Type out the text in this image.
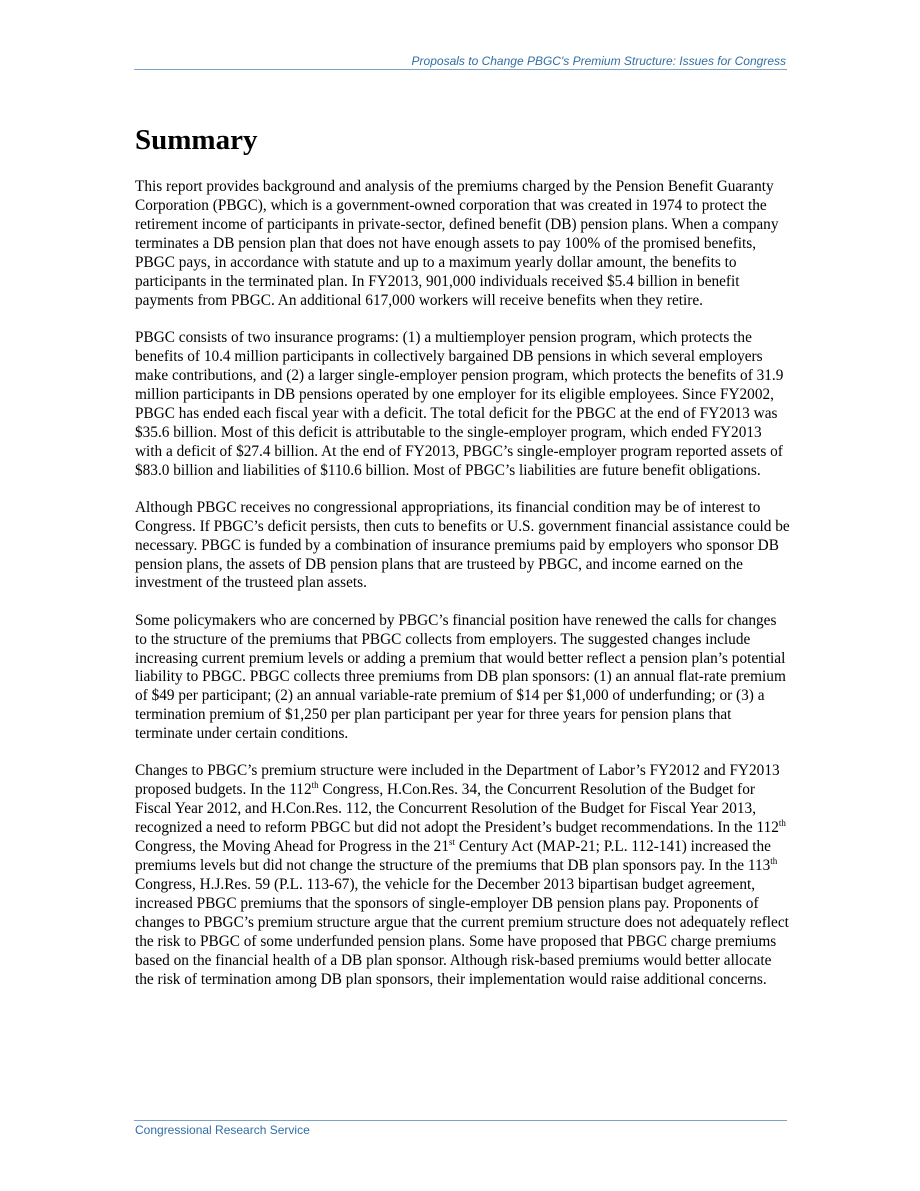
Proposals to Change PBGC's Premium Structure: Issues for Congress
Summary

This report provides background and analysis of the premiums charged by the Pension Benefit Guaranty Corporation (PBGC), which is a government-owned corporation that was created in 1974 to protect the retirement income of participants in private-sector, defined benefit (DB) pension plans. When a company terminates a DB pension plan that does not have enough assets to pay 100% of the promised benefits, PBGC pays, in accordance with statute and up to a maximum yearly dollar amount, the benefits to participants in the terminated plan. In FY2013, 901,000 individuals received $5.4 billion in benefit payments from PBGC. An additional 617,000 workers will receive benefits when they retire.

PBGC consists of two insurance programs: (1) a multiemployer pension program, which protects the benefits of 10.4 million participants in collectively bargained DB pensions in which several employers make contributions, and (2) a larger single-employer pension program, which protects the benefits of 31.9 million participants in DB pensions operated by one employer for its eligible employees. Since FY2002, PBGC has ended each fiscal year with a deficit. The total deficit for the PBGC at the end of FY2013 was $35.6 billion. Most of this deficit is attributable to the single-employer program, which ended FY2013 with a deficit of $27.4 billion. At the end of FY2013, PBGC’s single-employer program reported assets of $83.0 billion and liabilities of $110.6 billion. Most of PBGC’s liabilities are future benefit obligations.

Although PBGC receives no congressional appropriations, its financial condition may be of interest to Congress. If PBGC’s deficit persists, then cuts to benefits or U.S. government financial assistance could be necessary. PBGC is funded by a combination of insurance premiums paid by employers who sponsor DB pension plans, the assets of DB pension plans that are trusteed by PBGC, and income earned on the investment of the trusteed plan assets.

Some policymakers who are concerned by PBGC’s financial position have renewed the calls for changes to the structure of the premiums that PBGC collects from employers. The suggested changes include increasing current premium levels or adding a premium that would better reflect a pension plan’s potential liability to PBGC. PBGC collects three premiums from DB plan sponsors: (1) an annual flat-rate premium of $49 per participant; (2) an annual variable-rate premium of $14 per $1,000 of underfunding; or (3) a termination premium of $1,250 per plan participant per year for three years for pension plans that terminate under certain conditions.

Changes to PBGC’s premium structure were included in the Department of Labor’s FY2012 and FY2013 proposed budgets. In the 112th Congress, H.Con.Res. 34, the Concurrent Resolution of the Budget for Fiscal Year 2012, and H.Con.Res. 112, the Concurrent Resolution of the Budget for Fiscal Year 2013, recognized a need to reform PBGC but did not adopt the President’s budget recommendations. In the 112th Congress, the Moving Ahead for Progress in the 21st Century Act (MAP-21; P.L. 112-141) increased the premiums levels but did not change the structure of the premiums that DB plan sponsors pay. In the 113th Congress, H.J.Res. 59 (P.L. 113-67), the vehicle for the December 2013 bipartisan budget agreement, increased PBGC premiums that the sponsors of single-employer DB pension plans pay. Proponents of changes to PBGC’s premium structure argue that the current premium structure does not adequately reflect the risk to PBGC of some underfunded pension plans. Some have proposed that PBGC charge premiums based on the financial health of a DB plan sponsor. Although risk-based premiums would better allocate the risk of termination among DB plan sponsors, their implementation would raise additional concerns.

Congressional Research Service
